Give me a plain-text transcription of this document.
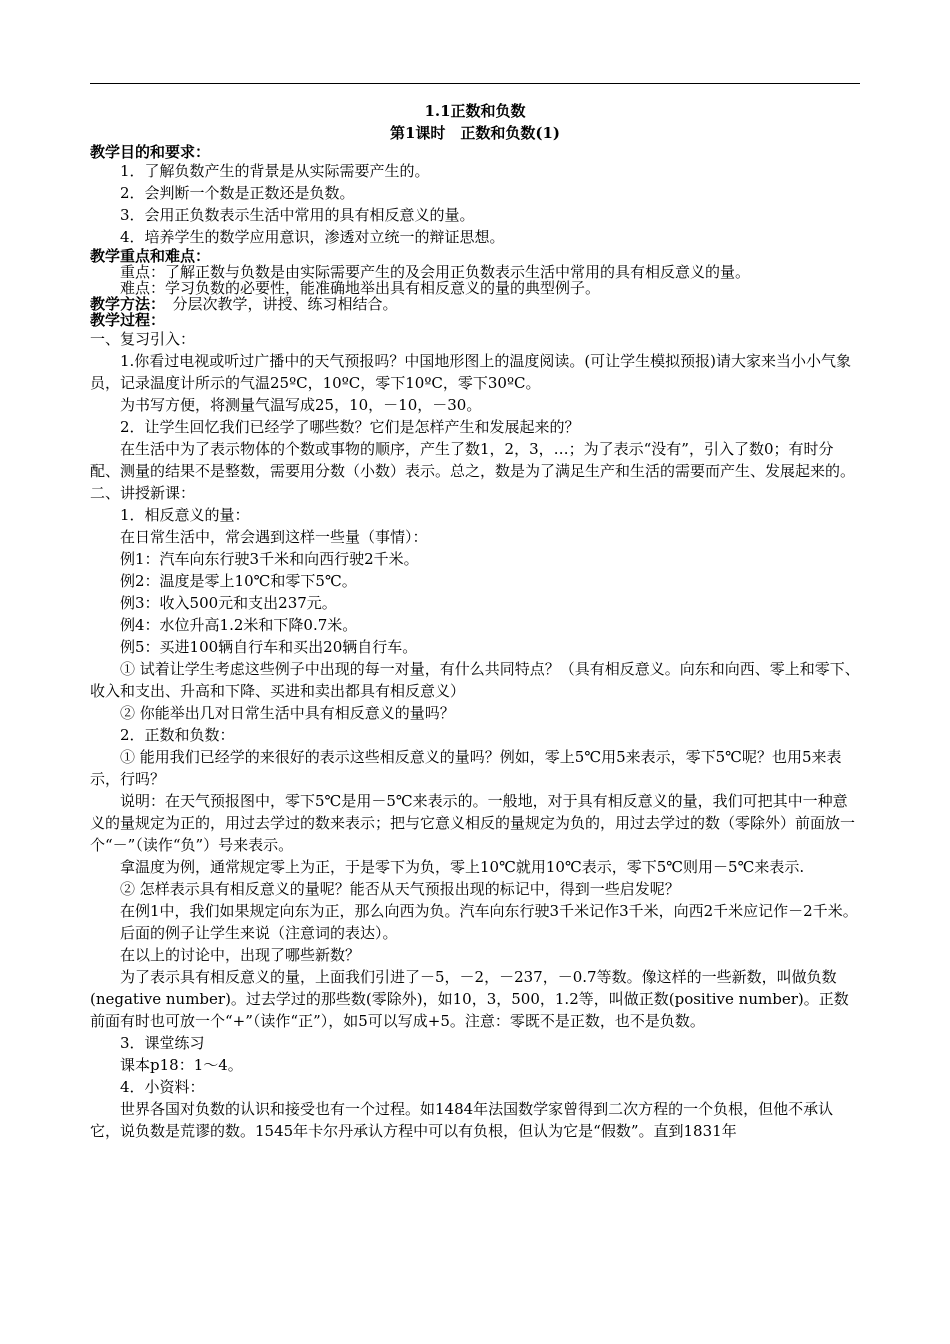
1.1正数和负数

第1课时　正数和负数(1)

教学目的和要求：

1．了解负数产生的背景是从实际需要产生的。

2．会判断一个数是正数还是负数。

3．会用正负数表示生活中常用的具有相反意义的量。

4．培养学生的数学应用意识，渗透对立统一的辩证思想。

教学重点和难点：

重点：了解正数与负数是由实际需要产生的及会用正负数表示生活中常用的具有相反意义的量。

难点：学习负数的必要性，能准确地举出具有相反意义的量的典型例子。

教学方法：　分层次教学，讲授、练习相结合。

教学过程：

一、复习引入：

1.你看过电视或听过广播中的天气预报吗？中国地形图上的温度阅读。(可让学生模拟预报)请大家来当小小气象员，记录温度计所示的气温25ºC，10ºC，零下10ºC，零下30ºC。

为书写方便，将测量气温写成25，10，－10，－30。

2．让学生回忆我们已经学了哪些数？它们是怎样产生和发展起来的？

在生活中为了表示物体的个数或事物的顺序，产生了数1，2，3，…；为了表示“没有”，引入了数0；有时分配、测量的结果不是整数，需要用分数（小数）表示。总之，数是为了满足生产和生活的需要而产生、发展起来的。

二、讲授新课：

1．相反意义的量：

在日常生活中，常会遇到这样一些量（事情）：

例1：汽车向东行驶3千米和向西行驶2千米。

例2：温度是零上10℃和零下5℃。

例3：收入500元和支出237元。

例4：水位升高1.2米和下降0.7米。

例5：买进100辆自行车和买出20辆自行车。

① 试着让学生考虑这些例子中出现的每一对量，有什么共同特点？（具有相反意义。向东和向西、零上和零下、收入和支出、升高和下降、买进和卖出都具有相反意义）

② 你能举出几对日常生活中具有相反意义的量吗？

2．正数和负数：

① 能用我们已经学的来很好的表示这些相反意义的量吗？例如，零上5℃用5来表示，零下5℃呢？也用5来表示，行吗？

说明：在天气预报图中，零下5℃是用－5℃来表示的。一般地，对于具有相反意义的量，我们可把其中一种意义的量规定为正的，用过去学过的数来表示；把与它意义相反的量规定为负的，用过去学过的数（零除外）前面放一个“－”（读作“负”）号来表示。

拿温度为例，通常规定零上为正，于是零下为负，零上10℃就用10℃表示，零下5℃则用－5℃来表示.

② 怎样表示具有相反意义的量呢？能否从天气预报出现的标记中，得到一些启发呢？

在例1中，我们如果规定向东为正，那么向西为负。汽车向东行驶3千米记作3千米，向西2千米应记作－2千米。

后面的例子让学生来说（注意词的表达）。

在以上的讨论中，出现了哪些新数？

为了表示具有相反意义的量，上面我们引进了－5，－2，－237，－0.7等数。像这样的一些新数，叫做负数(negative number)。过去学过的那些数(零除外)，如10，3，500，1.2等，叫做正数(positive number)。正数前面有时也可放一个“+”（读作“正”），如5可以写成+5。注意：零既不是正数，也不是负数。

3．课堂练习

课本p18：1～4。

4．小资料：

世界各国对负数的认识和接受也有一个过程。如1484年法国数学家曾得到二次方程的一个负根，但他不承认它，说负数是荒谬的数。1545年卡尔丹承认方程中可以有负根，但认为它是“假数”。直到1831年
